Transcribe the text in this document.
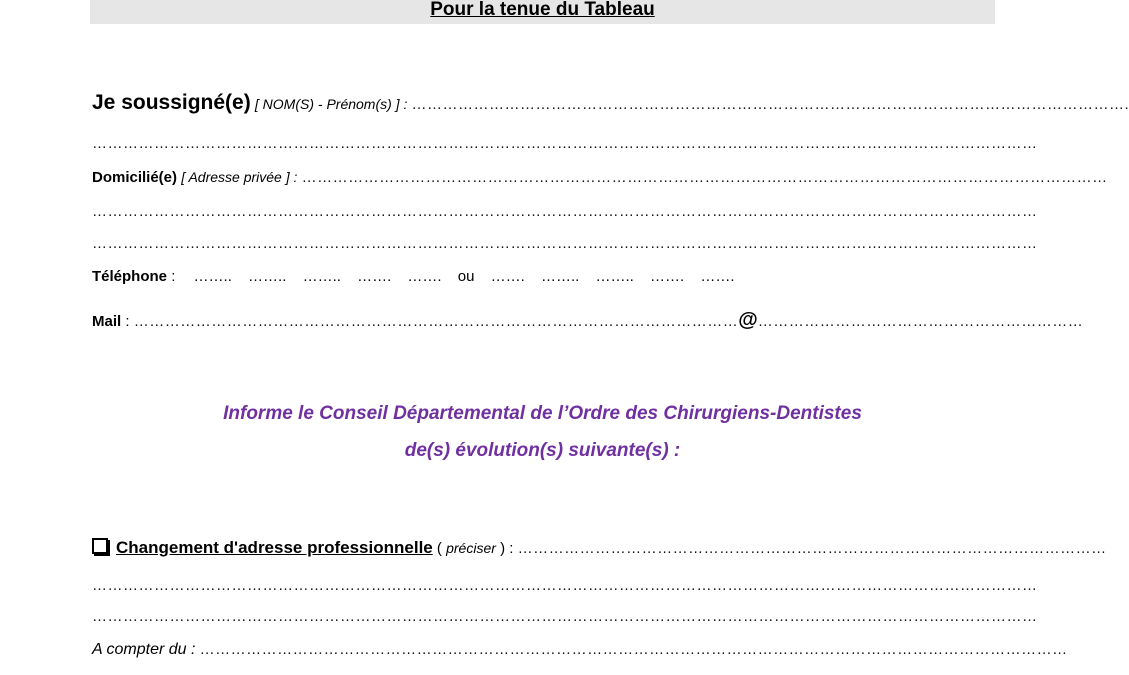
Pour la tenue du Tableau
Je soussigné(e) [ NOM(S) - Prénom(s) ] : ………………………………………………………………………………………………………………………….
…………………………………………………………………………………………………………………………………………………………………
Domicilié(e) [ Adresse privée ] : …………………………………………………………………………………………………………………………………………
…………………………………………………………………………………………………………………………………………………………………
…………………………………………………………………………………………………………………………………………………………………
Téléphone : …….. …….. …….. ……. ……. ou ……. …….. …….. ……. …….
Mail : ………………………………………………………………………………………………………@………………………………………………………
Informe le Conseil Départemental de l’Ordre des Chirurgiens-Dentistes
de(s) évolution(s) suivante(s) :
Changement d'adresse professionnelle ( préciser ) : ……………………………………………………………………………………………………
…………………………………………………………………………………………………………………………………………………………………
…………………………………………………………………………………………………………………………………………………………………
A compter du : ……………………………………………………………………………………………………………………………………………………
